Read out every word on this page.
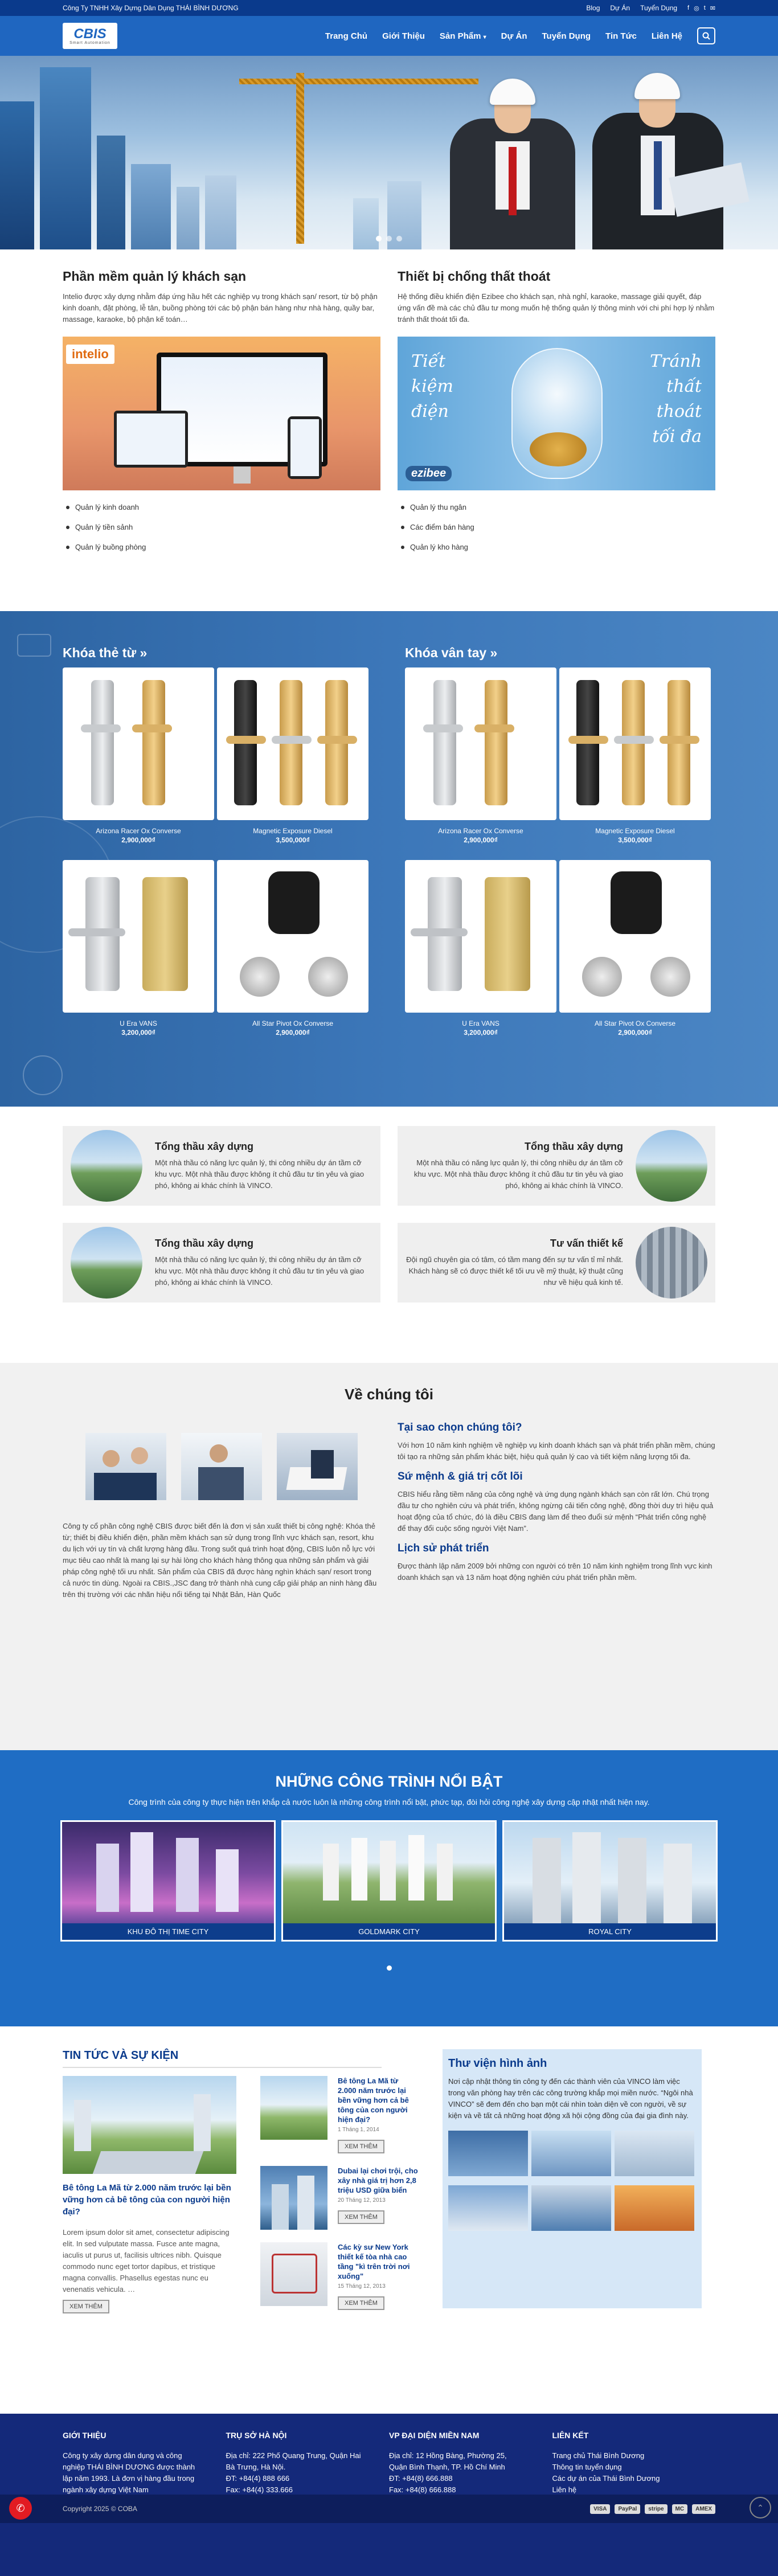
Công Ty TNHH Xây Dựng Dân Dụng THÁI BÌNH DƯƠNG	Blog Dự Án Tuyển Dụng f ◎ t ✉
CBIS
Smart Automation
Trang Chủ Giới Thiệu Sản Phẩm ▾ Dự Án Tuyển Dụng Tin Tức Liên Hệ
Phần mềm quản lý khách sạn

Intelio được xây dựng nhằm đáp ứng hầu hết các nghiệp vụ trong khách sạn/ resort, từ bộ phận kinh doanh, đặt phòng, lễ tân, buồng phòng tới các bộ phận bán hàng như nhà hàng, quầy bar, massage, karaoke, bộ phận kế toán…

intelio
Quản lý kinh doanh
Quản lý tiền sảnh
Quản lý buồng phòng
Thiết bị chống thất thoát

Hệ thống điều khiển điện Ezibee cho khách sạn, nhà nghỉ, karaoke, massage giải quyết, đáp ứng vấn đề mà các chủ đầu tư mong muốn hệ thống quản lý thông minh với chi phí hợp lý nhằm tránh thất thoát tối đa.

Tiết
kiệm
điện
Tránh
thất
thoát
tối đa
ezibee
Quản lý thu ngân
Các điểm bán hàng
Quản lý kho hàng
Khóa thẻ từ »
Arizona Racer Ox Converse
2,900,000₫
Magnetic Exposure Diesel
3,500,000₫
U Era VANS
3,200,000₫
All Star Pivot Ox Converse
2,900,000₫
Khóa vân tay »
Arizona Racer Ox Converse
2,900,000₫
Magnetic Exposure Diesel
3,500,000₫
U Era VANS
3,200,000₫
All Star Pivot Ox Converse
2,900,000₫
Tổng thầu xây dựng

Một nhà thầu có năng lực quản lý, thi công nhiều dự án tầm cỡ khu vực. Một nhà thầu được không ít chủ đầu tư tin yêu và giao phó, không ai khác chính là VINCO.

Tổng thầu xây dựng

Một nhà thầu có năng lực quản lý, thi công nhiều dự án tầm cỡ khu vực. Một nhà thầu được không ít chủ đầu tư tin yêu và giao phó, không ai khác chính là VINCO.

Tổng thầu xây dựng

Một nhà thầu có năng lực quản lý, thi công nhiều dự án tầm cỡ khu vực. Một nhà thầu được không ít chủ đầu tư tin yêu và giao phó, không ai khác chính là VINCO.

Tư vấn thiết kế

Đội ngũ chuyên gia có tâm, có tầm mang đến sự tư vấn tỉ mỉ nhất. Khách hàng sẽ có được thiết kế tối ưu về mỹ thuật, kỹ thuật cũng như về hiệu quả kinh tế.

Về chúng tôi

Công ty cổ phần công nghệ CBIS được biết đến là đơn vị sản xuất thiết bị công nghệ: Khóa thẻ từ; thiết bị điều khiển điện, phần mềm khách sạn sử dụng trong lĩnh vực khách sạn, resort, khu du lịch với uy tín và chất lượng hàng đầu. Trong suốt quá trình hoạt động, CBIS luôn nỗ lực với mục tiêu cao nhất là mang lại sự hài lòng cho khách hàng thông qua những sản phẩm và giải pháp công nghệ tối ưu nhất. Sản phẩm của CBIS đã được hàng nghìn khách sạn/ resort trong cả nước tin dùng. Ngoài ra CBIS.,JSC đang trở thành nhà cung cấp giải pháp an ninh hàng đầu trên thị trường với các nhãn hiệu nổi tiếng tại Nhật Bản, Hàn Quốc

Tại sao chọn chúng tôi?

Với hơn 10 năm kinh nghiệm về nghiệp vụ kinh doanh khách sạn và phát triển phần mềm, chúng tôi tạo ra những sản phẩm khác biệt, hiệu quả quản lý cao và tiết kiệm năng lượng tối đa.

Sứ mệnh & giá trị cốt lõi

CBIS hiểu rằng tiềm năng của công nghệ và ứng dụng ngành khách sạn còn rất lớn. Chú trọng đầu tư cho nghiên cứu và phát triển, không ngừng cải tiến công nghệ, đồng thời duy trì hiệu quả hoạt động của tổ chức, đó là điều CBIS đang làm để theo đuổi sứ mệnh “Phát triển công nghệ để thay đổi cuộc sống người Việt Nam”.

Lịch sử phát triển

Được thành lập năm 2009 bởi những con người có trên 10 năm kinh nghiệm trong lĩnh vực kinh doanh khách sạn và 13 năm hoạt động nghiên cứu phát triển phần mềm.

NHỮNG CÔNG TRÌNH NỔI BẬT
Công trình của công ty thực hiện trên khắp cả nước luôn là những công trình nổi bật, phức tạp, đòi hỏi công nghệ xây dựng cập nhật nhất hiện nay.
KHU ĐÔ THỊ TIME CITY	GOLDMARK CITY	ROYAL CITY
TIN TỨC VÀ SỰ KIỆN
Bê tông La Mã từ 2.000 năm trước lại bền vững hơn cả bê tông của con người hiện đại?

Lorem ipsum dolor sit amet, consectetur adipiscing elit. In sed vulputate massa. Fusce ante magna, iaculis ut purus ut, facilisis ultrices nibh. Quisque commodo nunc eget tortor dapibus, et tristique magna convallis. Phasellus egestas nunc eu venenatis vehicula. …

XEM THÊM
Bê tông La Mã từ 2.000 năm trước lại bền vững hơn cả bê tông của con người hiện đại?
1 Tháng 1, 2014
XEM THÊM
Dubai lại chơi trội, cho xây nhà giá trị hơn 2,8 triệu USD giữa biển
20 Tháng 12, 2013
XEM THÊM
Các kỳ sư New York thiết kế tòa nhà cao tầng "kì trên trời nơi xuống"
15 Tháng 12, 2013
XEM THÊM
Thư viện hình ảnh

Nơi cập nhật thông tin công ty đến các thành viên của VINCO làm việc trong văn phòng hay trên các công trường khắp mọi miền nước. “Ngôi nhà VINCO” sẽ đem đến cho bạn một cái nhìn toàn diện về con người, về sự kiện và về tất cả những hoạt động xã hội cộng đồng của đại gia đình này.

GIỚI THIỆU

Công ty xây dựng dân dụng và công nghiệp THÁI BÌNH DƯƠNG được thành lập năm 1993. Là đơn vị hàng đầu trong ngành xây dựng Việt Nam

TRỤ SỞ HÀ NỘI

Địa chỉ: 222 Phố Quang Trung, Quận Hai Bà Trưng, Hà Nội.

ĐT: +84(4) 888 666

Fax: +84(4) 333.666

VP ĐẠI DIỆN MIỀN NAM

Địa chỉ: 12 Hồng Bàng, Phường 25, Quận Bình Thạnh, TP. Hồ Chí Minh

ĐT: +84(8) 666.888

Fax: +84(8) 666.888

LIÊN KẾT

Trang chủ Thái Bình Dương

Thông tin tuyển dụng

Các dự án của Thái Bình Dương

Liên hệ

Copyright 2025 © COBA	VISA	PayPal	stripe	MC	AMEX
✆	⌃
